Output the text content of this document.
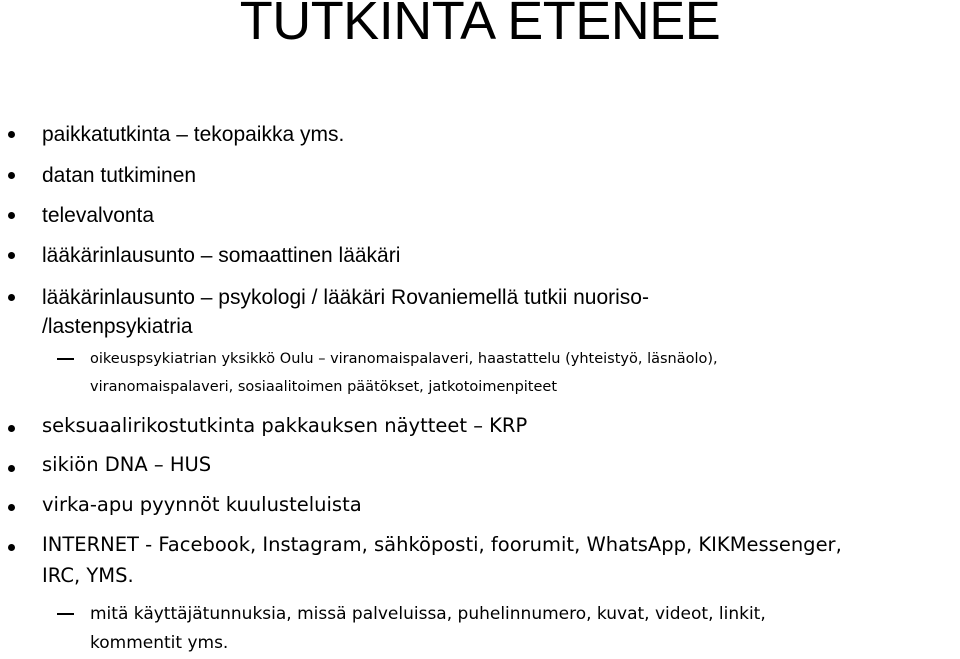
TUTKINTA ETENEE
paikkatutkinta – tekopaikka yms.
datan tutkiminen
televalvonta
lääkärinlausunto – somaattinen lääkäri
lääkärinlausunto – psykologi / lääkäri Rovaniemellä tutkii nuoriso-
/lastenpsykiatria
oikeuspsykiatrian yksikkö Oulu – viranomaispalaveri, haastattelu (yhteistyö, läsnäolo),
viranomaispalaveri, sosiaalitoimen päätökset, jatkotoimenpiteet
seksuaalirikostutkinta pakkauksen näytteet – KRP
sikiön DNA – HUS
virka-apu pyynnöt kuulusteluista
INTERNET - Facebook, Instagram, sähköposti, foorumit, WhatsApp, KIKMessenger,
IRC, YMS.
mitä käyttäjätunnuksia, missä palveluissa, puhelinnumero, kuvat, videot, linkit,
kommentit yms.
